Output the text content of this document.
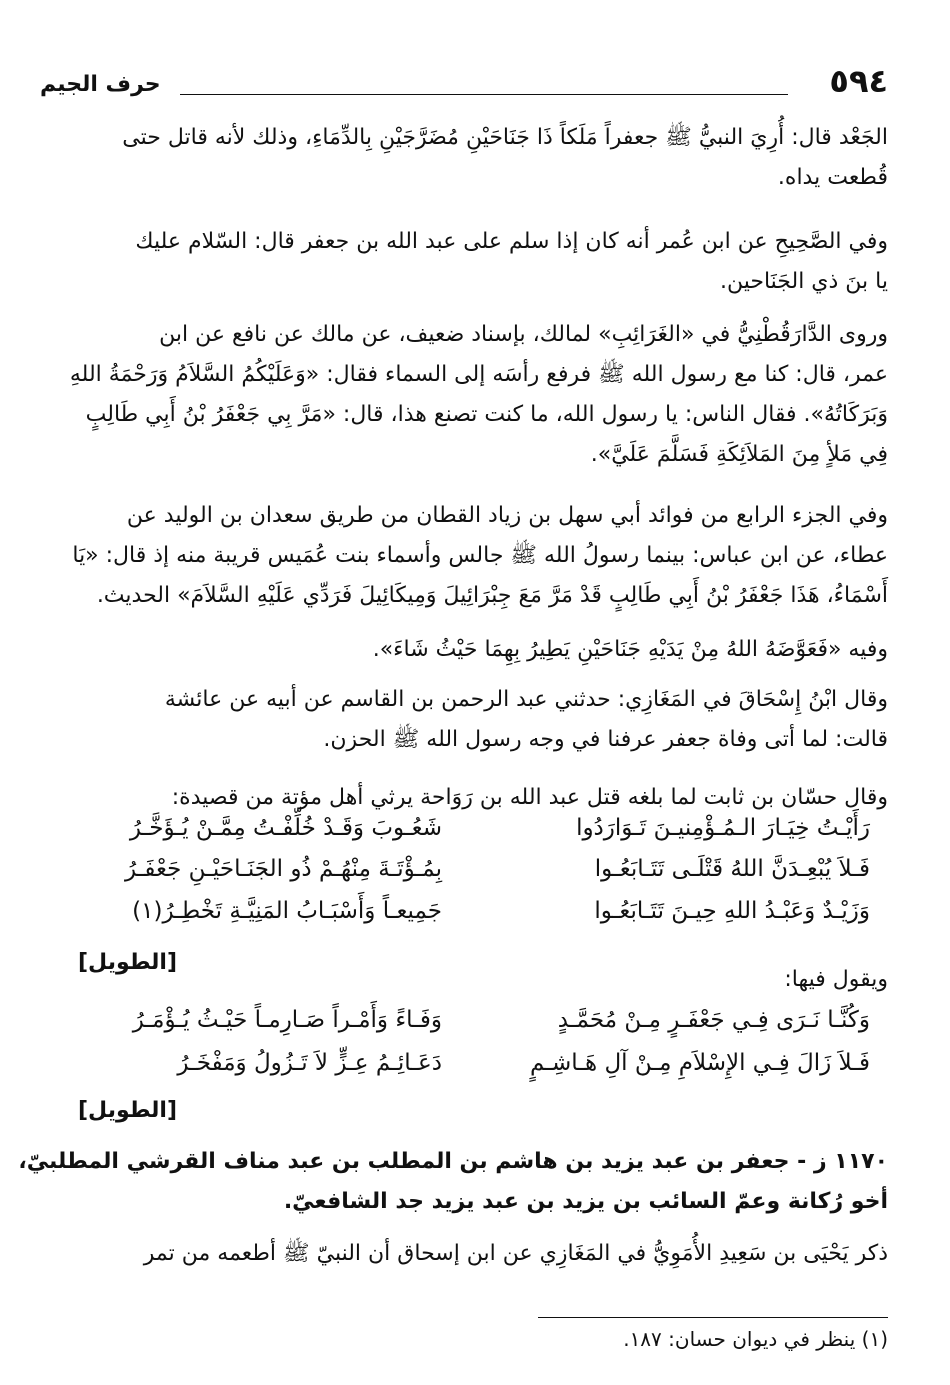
٥٩٤
حرف الجيم
الجَعْد قال: أُرِيَ النبيُّ ﷺ جعفراً مَلَكاً ذَا جَنَاحَيْنِ مُضَرَّجَيْنِ بِالدِّمَاءِ، وذلك لأنه قاتل حتى
قُطعت يداه.
وفي الصَّحِيحِ عن ابن عُمر أنه كان إذا سلم على عبد الله بن جعفر قال: السّلام عليك
يا بنَ ذي الجَنَاحين.
وروى الدَّارَقُطْنِيُّ في «الغَرَائِبِ» لمالك، بإسناد ضعيف، عن مالك عن نافع عن ابن
عمر، قال: كنا مع رسول الله ﷺ فرفع رأسَه إلى السماء فقال: «وَعَلَيْكُمُ السَّلاَمُ وَرَحْمَةُ اللهِ
وَبَرَكَاتُهُ». فقال الناس: يا رسول الله، ما كنت تصنع هذا، قال: «مَرَّ بِي جَعْفَرُ بْنُ أَبِي طَالِبٍ
فِي مَلأٍ مِنَ المَلاَئِكَةِ فَسَلَّمَ عَلَيَّ».
وفي الجزء الرابع من فوائد أبي سهل بن زياد القطان من طريق سعدان بن الوليد عن
عطاء، عن ابن عباس: بينما رسولُ الله ﷺ جالس وأسماء بنت عُمَيس قريبة منه إذ قال: «يَا
أَسْمَاءُ، هَذَا جَعْفَرُ بْنُ أَبِي طَالِبٍ قَدْ مَرَّ مَعَ جِبْرَائِيلَ وَمِيكَائِيلَ فَرَدِّي عَلَيْهِ السَّلاَمَ» الحديث.
وفيه «فَعَوَّضَهُ اللهُ مِنْ يَدَيْهِ جَنَاحَيْنِ يَطِيرُ بِهِمَا حَيْثُ شَاءَ».
وقال ابْنُ إِسْحَاقَ في المَغَازِي: حدثني عبد الرحمن بن القاسم عن أبيه عن عائشة
قالت: لما أتى وفاة جعفر عرفنا في وجه رسول الله ﷺ الحزن.
وقال حسّان بن ثابت لما بلغه قتل عبد الله بن رَوَاحة يرثي أهل مؤتة من قصيدة:
رَأَيْـتُ خِيَـارَ الـمُـؤْمِنيـنَ تَـوَارَدُوا
شَعُـوبَ وَقَـدْ خُلِّفْـتُ مِمَّـنْ يُـؤَخَّـرُ
فَـلاَ يُبْعِـدَنَّ اللهُ قَتْلَـى تَتَـابَعُـوا
بِمُـؤْتَـةَ مِنْهُـمْ ذُو الجَنَـاحَيْـنِ جَعْفَـرُ
وَزَيْـدٌ وَعَبْـدُ اللهِ حِيـنَ تَتَـابَعُـوا
جَمِيعـاً وَأَسْبَـابُ المَنِيَّـةِ تَخْطِـرُ(١)
[الطويل]
ويقول فيها:
وَكُنَّـا نَـرَى فِـي جَعْفَـرٍ مِـنْ مُحَمَّـدٍ
وَفَـاءً وَأَمْـراً صَـارِمـاً حَيْـثُ يُـؤْمَـرُ
فَـلاَ زَالَ فِـي الإِسْلاَمِ مِـنْ آلِ هَـاشِـمٍ
دَعَـائِـمُ عِـزٍّ لاَ تَـزُولُ وَمَفْخَـرُ
[الطويل]
١١٧٠ ز - جعفر بن عبد يزيد بن هاشم بن المطلب بن عبد مناف القرشي المطلبيّ،
أخو رُكانة وعمّ السائب بن يزيد بن عبد يزيد جد الشافعيّ.
ذكر يَحْيَى بن سَعِيدِ الأُمَوِيُّ في المَغَازِي عن ابن إسحاق أن النبيّ ﷺ أطعمه من تمر
(١) ينظر في ديوان حسان: ١٨٧.
